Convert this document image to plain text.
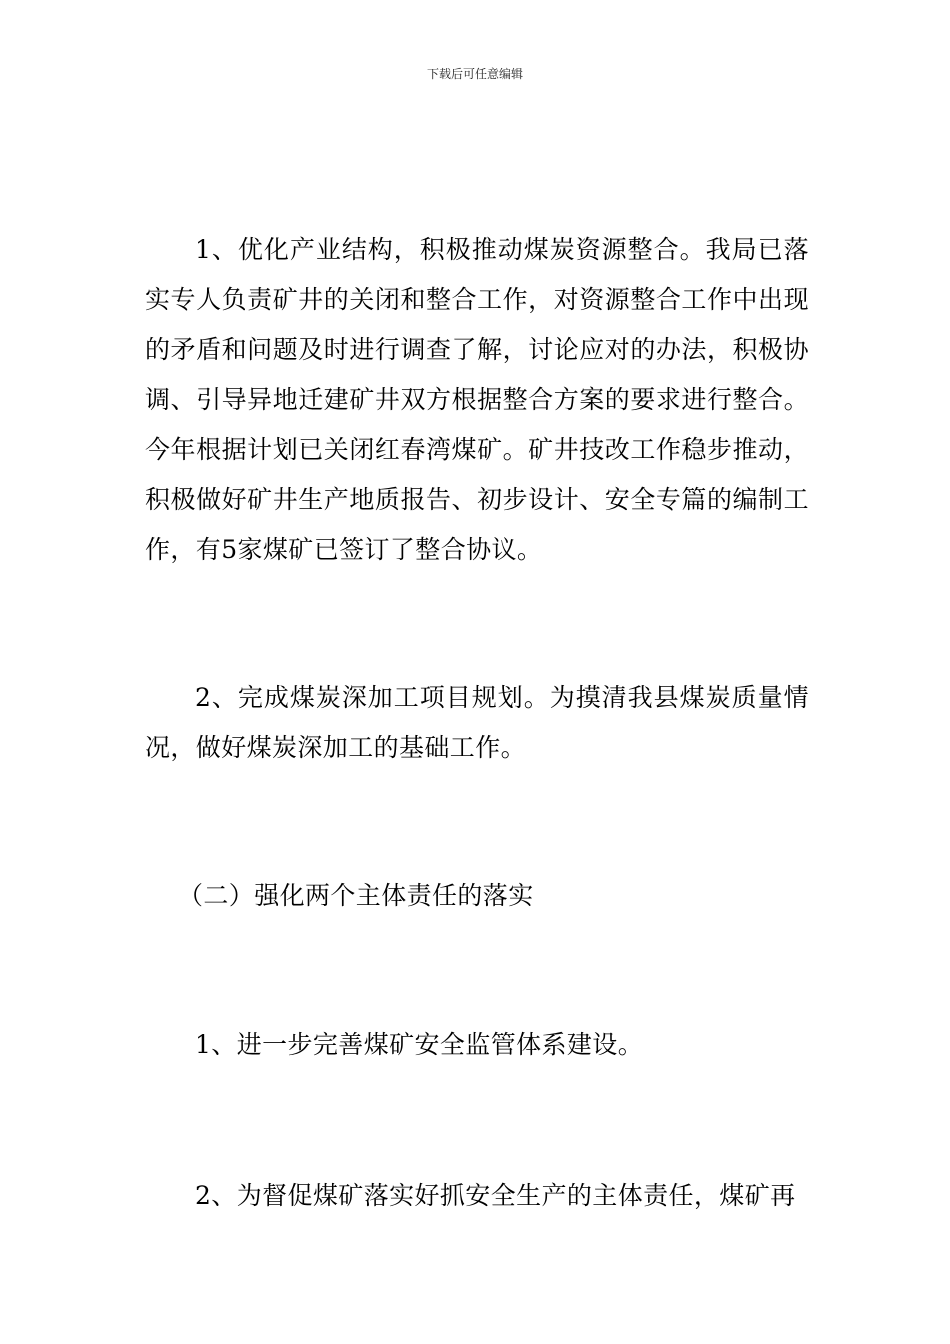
下载后可任意编辑

1、优化产业结构，积极推动煤炭资源整合。我局已落实专人负责矿井的关闭和整合工作，对资源整合工作中出现的矛盾和问题及时进行调查了解，讨论应对的办法，积极协调、引导异地迁建矿井双方根据整合方案的要求进行整合。今年根据计划已关闭红春湾煤矿。矿井技改工作稳步推动，积极做好矿井生产地质报告、初步设计、安全专篇的编制工作，有5家煤矿已签订了整合协议。

2、完成煤炭深加工项目规划。为摸清我县煤炭质量情况，做好煤炭深加工的基础工作。

（二）强化两个主体责任的落实

1、进一步完善煤矿安全监管体系建设。

2、为督促煤矿落实好抓安全生产的主体责任，煤矿再
